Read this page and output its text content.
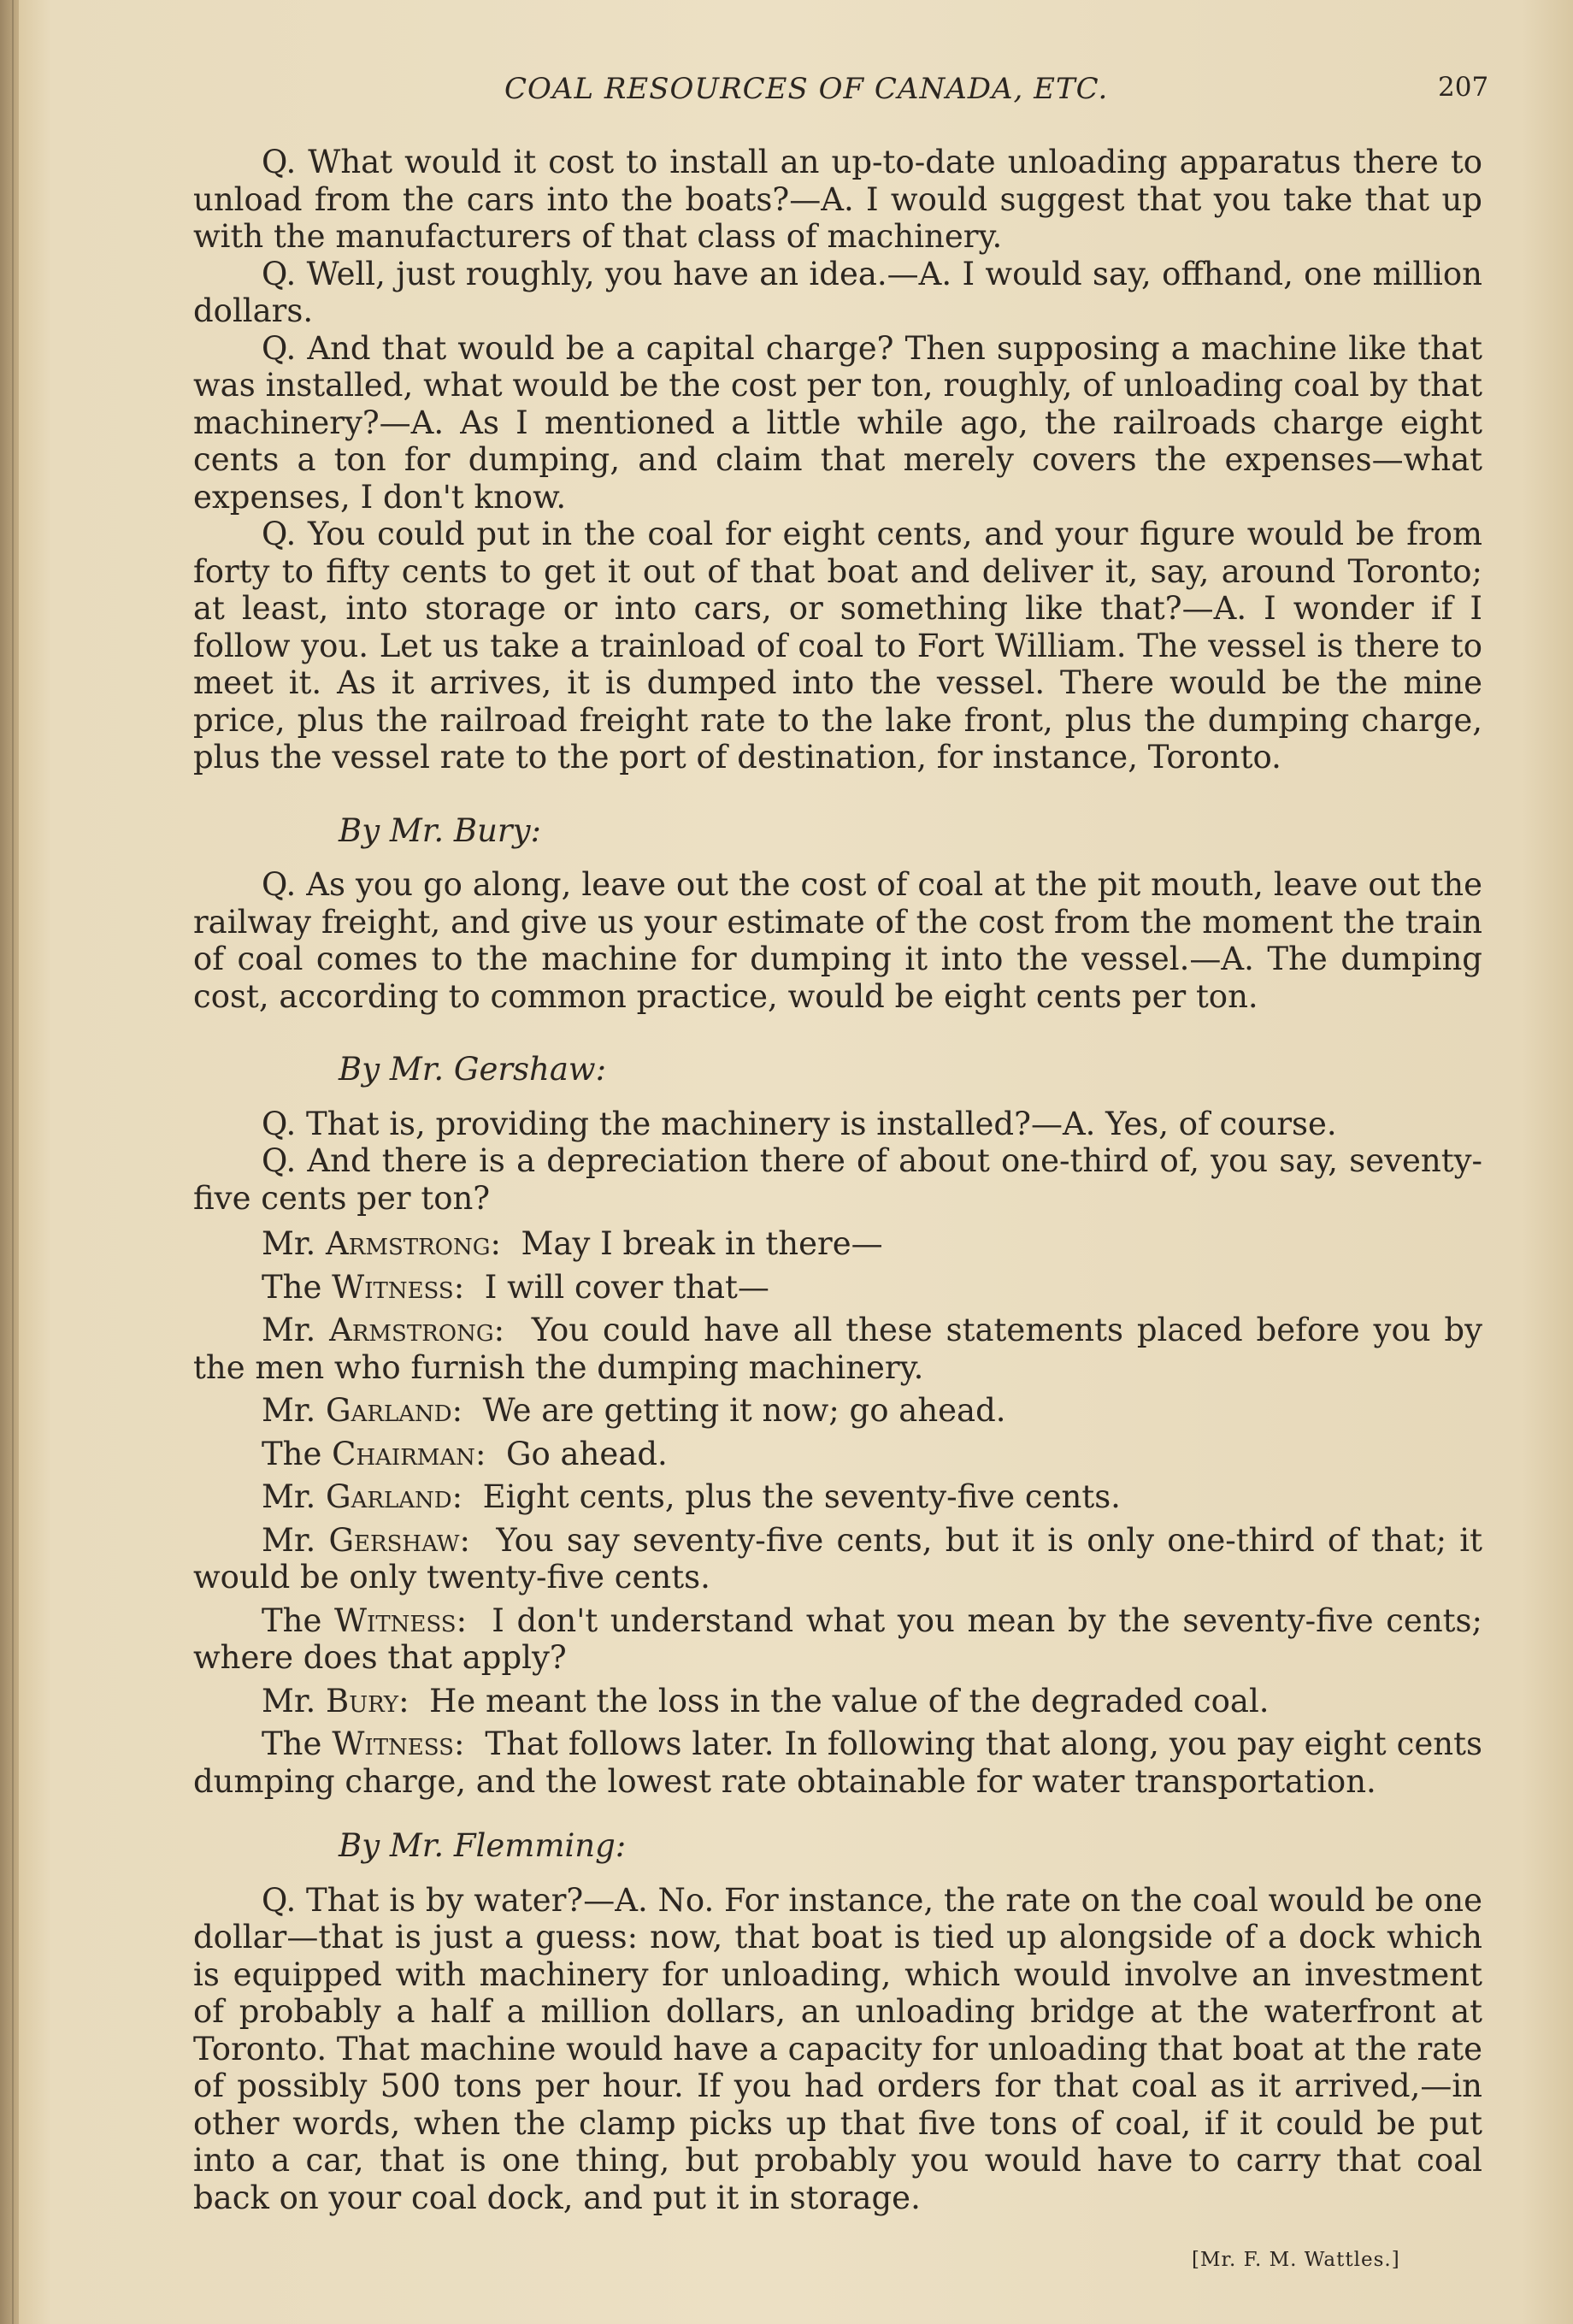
COAL RESOURCES OF CANADA, ETC.	207

Q. What would it cost to install an up-to-date unloading apparatus there to unload from the cars into the boats?—A. I would suggest that you take that up with the manufacturers of that class of machinery.

Q. Well, just roughly, you have an idea.—A. I would say, offhand, one million dollars.

Q. And that would be a capital charge? Then supposing a machine like that was installed, what would be the cost per ton, roughly, of unloading coal by that machinery?—A. As I mentioned a little while ago, the railroads charge eight cents a ton for dumping, and claim that merely covers the expenses—what expenses, I don't know.

Q. You could put in the coal for eight cents, and your figure would be from forty to fifty cents to get it out of that boat and deliver it, say, around Toronto; at least, into storage or into cars, or something like that?—A. I wonder if I follow you. Let us take a trainload of coal to Fort William. The vessel is there to meet it. As it arrives, it is dumped into the vessel. There would be the mine price, plus the railroad freight rate to the lake front, plus the dumping charge, plus the vessel rate to the port of destination, for instance, Toronto.

By Mr. Bury:

Q. As you go along, leave out the cost of coal at the pit mouth, leave out the railway freight, and give us your estimate of the cost from the moment the train of coal comes to the machine for dumping it into the vessel.—A. The dumping cost, according to common practice, would be eight cents per ton.

By Mr. Gershaw:

Q. That is, providing the machinery is installed?—A. Yes, of course.

Q. And there is a depreciation there of about one-third of, you say, seventy-five cents per ton?

Mr. Armstrong:  May I break in there—

The Witness:  I will cover that—

Mr. Armstrong:  You could have all these statements placed before you by the men who furnish the dumping machinery.

Mr. Garland:  We are getting it now; go ahead.

The Chairman:  Go ahead.

Mr. Garland:  Eight cents, plus the seventy-five cents.

Mr. Gershaw:  You say seventy-five cents, but it is only one-third of that; it would be only twenty-five cents.

The Witness:  I don't understand what you mean by the seventy-five cents; where does that apply?

Mr. Bury:  He meant the loss in the value of the degraded coal.

The Witness:  That follows later. In following that along, you pay eight cents dumping charge, and the lowest rate obtainable for water transportation.

By Mr. Flemming:

Q. That is by water?—A. No. For instance, the rate on the coal would be one dollar—that is just a guess: now, that boat is tied up alongside of a dock which is equipped with machinery for unloading, which would involve an investment of probably a half a million dollars, an unloading bridge at the waterfront at Toronto. That machine would have a capacity for unloading that boat at the rate of possibly 500 tons per hour. If you had orders for that coal as it arrived,—in other words, when the clamp picks up that five tons of coal, if it could be put into a car, that is one thing, but probably you would have to carry that coal back on your coal dock, and put it in storage.

[Mr. F. M. Wattles.]
